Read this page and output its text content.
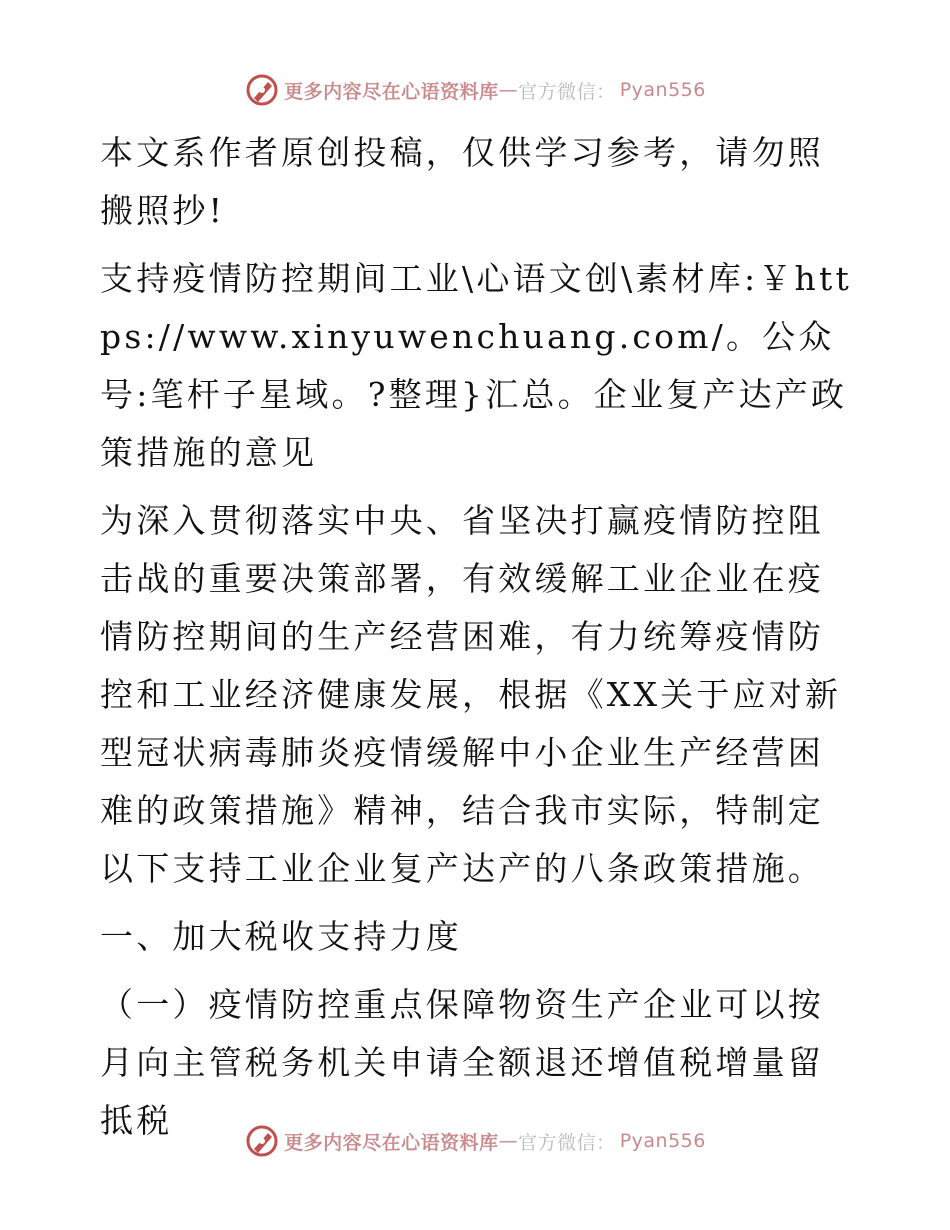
更多内容尽在心语资料库 — 官方微信： Pyan556

本文系作者原创投稿，仅供学习参考，请勿照搬照抄!

支持疫情防控期间工业\心语文创\素材库:￥https://www.xinyuwenchuang.com/。公众号:笔杆子星域。?整理}汇总。企业复产达产政策措施的意见

为深入贯彻落实中央、省坚决打赢疫情防控阻击战的重要决策部署，有效缓解工业企业在疫情防控期间的生产经营困难，有力统筹疫情防控和工业经济健康发展，根据《XX关于应对新型冠状病毒肺炎疫情缓解中小企业生产经营困难的政策措施》精神，结合我市实际，特制定以下支持工业企业复产达产的八条政策措施。

一、加大税收支持力度

（一）疫情防控重点保障物资生产企业可以按月向主管税务机关申请全额退还增值税增量留抵税

更多内容尽在心语资料库 — 官方微信： Pyan556
